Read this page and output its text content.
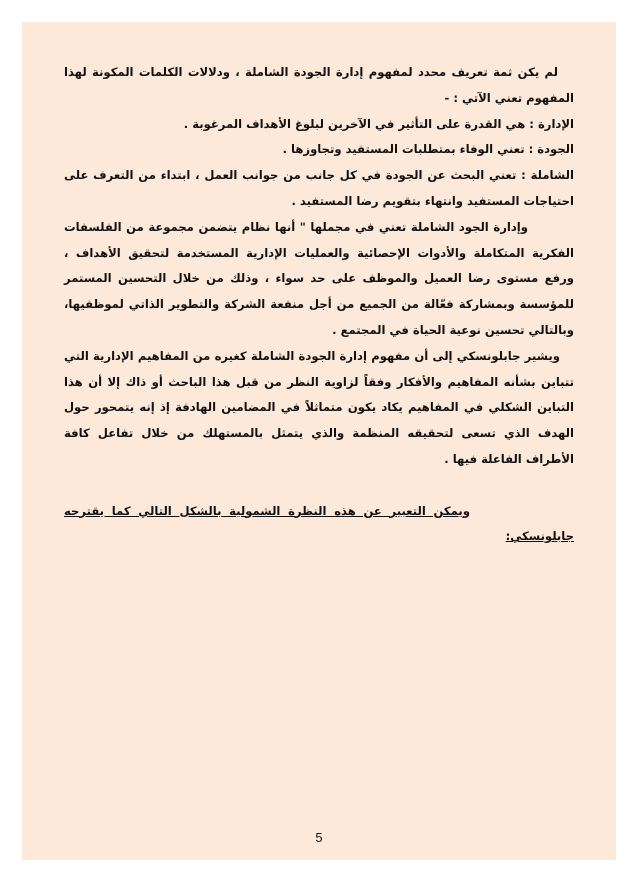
لم يكن ثمة تعريف محدد لمفهوم إدارة الجودة الشاملة ، ودلالات الكلمات المكونة لهذا المفهوم تعني الآتي : -

الإدارة : هي القدرة على التأثير في الآخرين لبلوغ الأهداف المرغوبة .

الجودة : تعني الوفاء بمتطلبات المستفيد وتجاوزها .

الشاملة : تعني البحث عن الجودة في كل جانب من جوانب العمل ، ابتداء من التعرف على احتياجات المستفيد وانتهاء بتقويم رضا المستفيد .

وإدارة الجود الشاملة تعني في مجملها " أنها نظام يتضمن مجموعة من الفلسفات الفكرية المتكاملة والأدوات الإحصائية والعمليات الإدارية المستخدمة لتحقيق الأهداف ، ورفع مستوى رضا العميل والموظف على حد سواء ، وذلك من خلال التحسين المستمر للمؤسسة وبمشاركة فعّالة من الجميع من أجل منفعة الشركة والتطوير الذاتي لموظفيها، وبالتالي تحسين نوعية الحياة في المجتمع .

ويشير جابلونسكي إلى أن مفهوم إدارة الجودة الشاملة كغيره من المفاهيم الإدارية التي تتباين بشأنه المفاهيم والأفكار وفقاً لزاوية النظر من قبل هذا الباحث أو ذاك إلا أن هذا التباين الشكلي في المفاهيم يكاد يكون متماثلاً في المضامين الهادفة إذ إنه يتمحور حول الهدف الذي تسعى لتحقيقه المنظمة والذي يتمثل بالمستهلك من خلال تفاعل كافة الأطراف الفاعلة فيها .

ويمكن التعبير عن هذه النظرة الشمولية بالشكل التالي كما يقترحه جابلونسكي:

5
